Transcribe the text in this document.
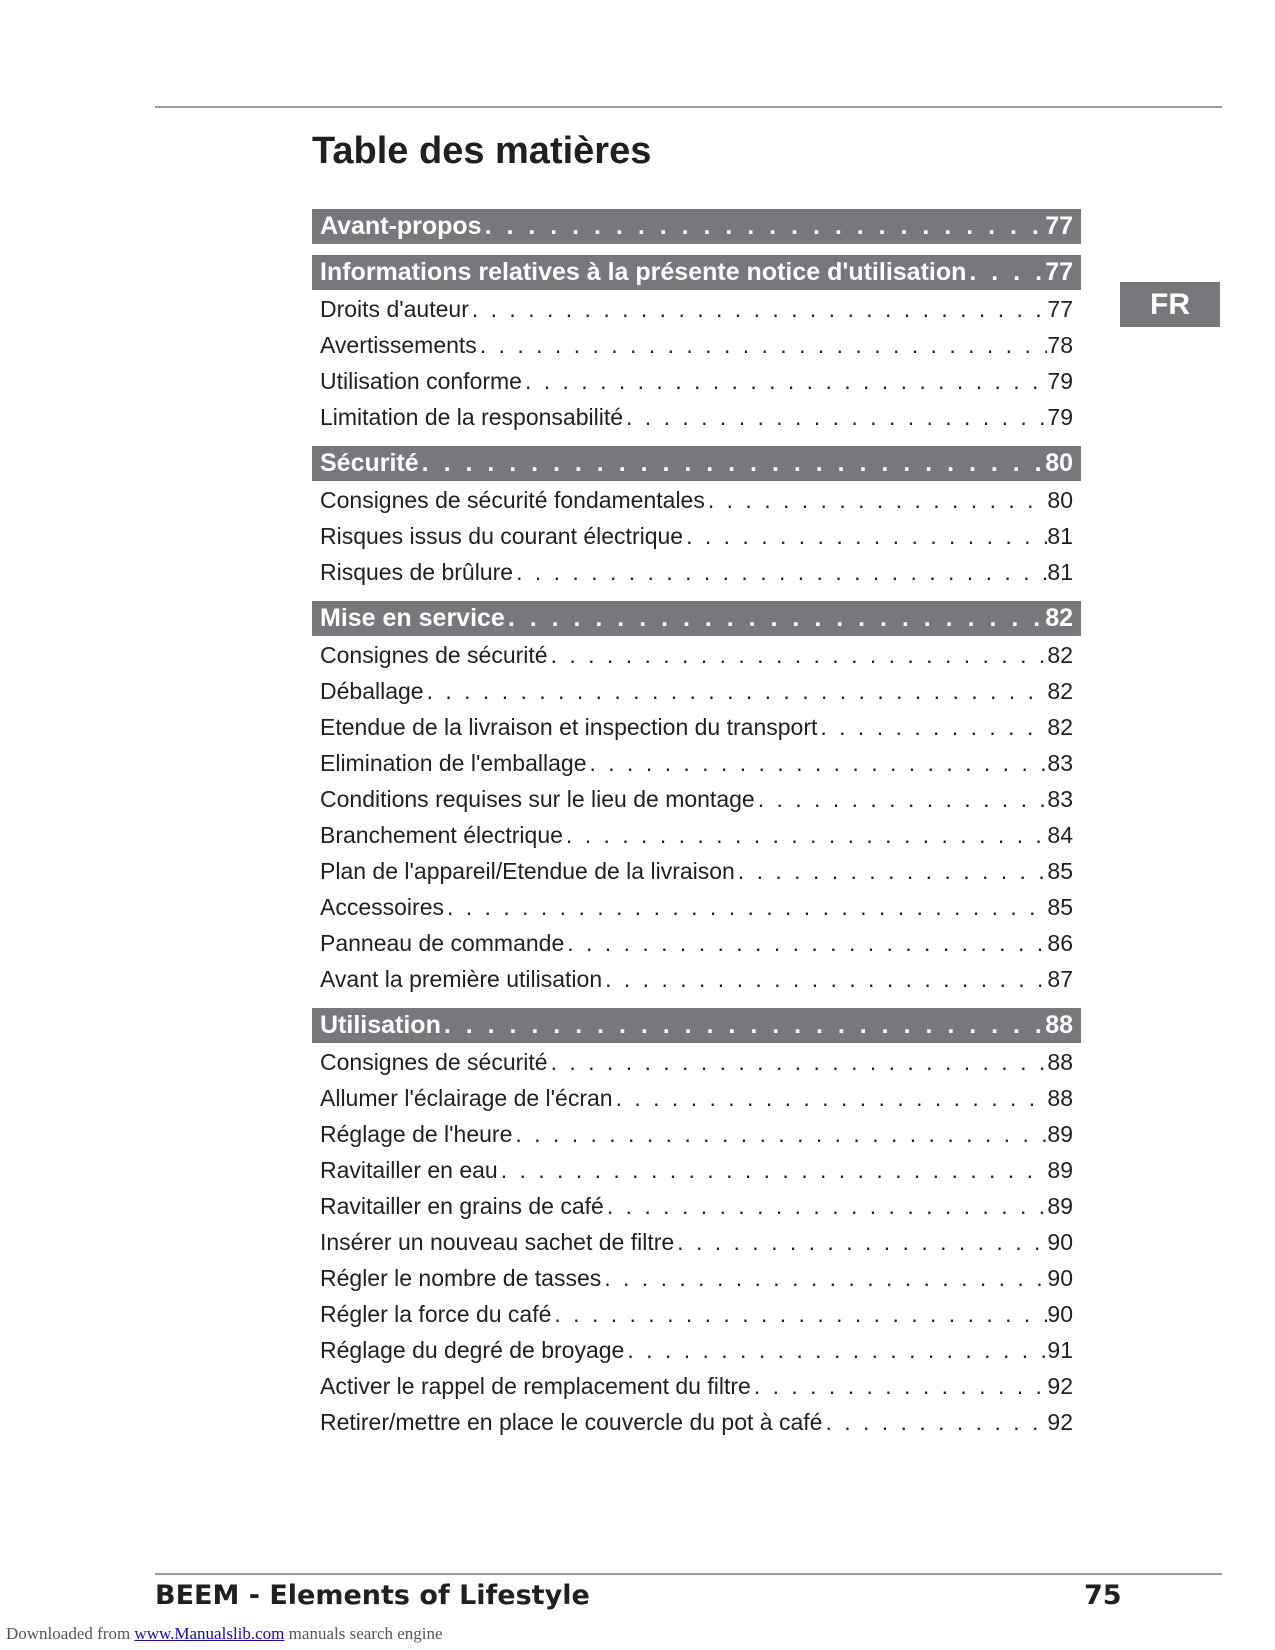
Table des matières
FR
Avant-propos . . .	77
Informations relatives à la présente notice d'utilisation . . .	77
Droits d'auteur . . .	77
Avertissements . . .	78
Utilisation conforme . . .	79
Limitation de la responsabilité . . .	79
Sécurité . . .	80
Consignes de sécurité fondamentales . . .	80
Risques issus du courant électrique . . .	81
Risques de brûlure . . .	81
Mise en service . . .	82
Consignes de sécurité . . .	82
Déballage . . .	82
Etendue de la livraison et inspection du transport . . .	82
Elimination de l'emballage . . .	83
Conditions requises sur le lieu de montage . . .	83
Branchement électrique . . .	84
Plan de l'appareil/Etendue de la livraison . . .	85
Accessoires . . .	85
Panneau de commande . . .	86
Avant la première utilisation . . .	87
Utilisation . . .	88
Consignes de sécurité . . .	88
Allumer l'éclairage de l'écran . . .	88
Réglage de l'heure . . .	89
Ravitailler en eau . . .	89
Ravitailler en grains de café . . .	89
Insérer un nouveau sachet de filtre . . .	90
Régler le nombre de tasses . . .	90
Régler la force du café . . .	90
Réglage du degré de broyage . . .	91
Activer le rappel de remplacement du filtre . . .	92
Retirer/mettre en place le couvercle du pot à café . . .	92
BEEM - Elements of Lifestyle	75
Downloaded from www.Manualslib.com manuals search engine
